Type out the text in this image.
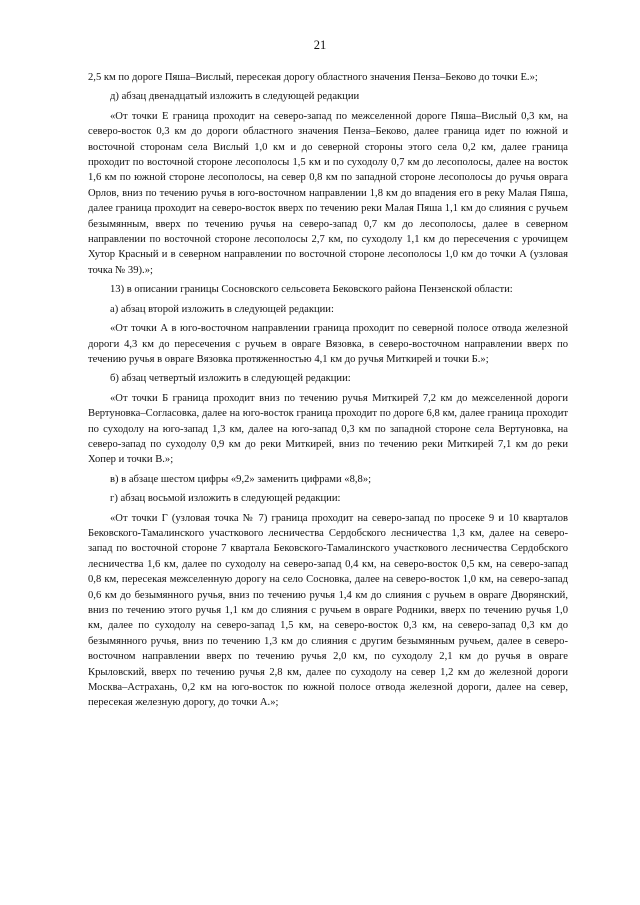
21

2,5 км по дороге Пяша–Вислый, пересекая дорогу областного значения Пенза–Беково до точки Е.»;

д) абзац двенадцатый изложить в следующей редакции

«От точки Е граница проходит на северо-запад по межселенной дороге Пяша–Вислый 0,3 км, на северо-восток 0,3 км до дороги областного значения Пенза–Беково, далее граница идет по южной и восточной сторонам села Вислый 1,0 км и до северной стороны этого села 0,2 км, далее граница проходит по восточной стороне лесополосы 1,5 км и по суходолу 0,7 км до лесополосы, далее на восток 1,6 км по южной стороне лесополосы, на север 0,8 км по западной стороне лесополосы до ручья оврага Орлов, вниз по течению ручья в юго-восточном направлении 1,8 км до впадения его в реку Малая Пяша, далее граница проходит на северо-восток вверх по течению реки Малая Пяша 1,1 км до слияния с ручьем безымянным, вверх по течению ручья на северо-запад 0,7 км до лесополосы, далее в северном направлении по восточной стороне лесополосы 2,7 км, по суходолу 1,1 км до пересечения с урочищем Хутор Красный и в северном направлении по восточной стороне лесополосы 1,0 км до точки А (узловая точка № 39).»;

13) в описании границы Сосновского сельсовета Бековского района Пензенской области:

а) абзац второй изложить в следующей редакции:

«От точки А в юго-восточном направлении граница проходит по северной полосе отвода железной дороги 4,3 км до пересечения с ручьем в овраге Вязовка, в северо-восточном направлении вверх по течению ручья в овраге Вязовка протяженностью 4,1 км до ручья Миткирей и точки Б.»;

б) абзац четвертый изложить в следующей редакции:

«От точки Б граница проходит вниз по течению ручья Миткирей 7,2 км до межселенной дороги Вертуновка–Согласовка, далее на юго-восток граница проходит по дороге 6,8 км, далее граница проходит по суходолу на юго-запад 1,3 км, далее на юго-запад 0,3 км по западной стороне села Вертуновка, на северо-запад по суходолу 0,9 км до реки Миткирей, вниз по течению реки Миткирей 7,1 км до реки Хопер и точки В.»;

в) в абзаце шестом цифры «9,2» заменить цифрами «8,8»;

г) абзац восьмой изложить в следующей редакции:

«От точки Г (узловая точка № 7) граница проходит на северо-запад по просеке 9 и 10 кварталов Бековского-Тамалинского участкового лесничества Сердобского лесничества 1,3 км, далее на северо-запад по восточной стороне 7 квартала Бековского-Тамалинского участкового лесничества Сердобского лесничества 1,6 км, далее по суходолу на северо-запад 0,4 км, на северо-восток 0,5 км, на северо-запад 0,8 км, пересекая межселенную дорогу на село Сосновка, далее на северо-восток 1,0 км, на северо-запад 0,6 км до безымянного ручья, вниз по течению ручья 1,4 км до слияния с ручьем в овраге Дворянский, вниз по течению этого ручья 1,1 км до слияния с ручьем в овраге Родники, вверх по течению ручья 1,0 км, далее по суходолу на северо-запад 1,5 км, на северо-восток 0,3 км, на северо-запад 0,3 км до безымянного ручья, вниз по течению 1,3 км до слияния с другим безымянным ручьем, далее в северо-восточном направлении вверх по течению ручья 2,0 км, по суходолу 2,1 км до ручья в овраге Крыловский, вверх по течению ручья 2,8 км, далее по суходолу на север 1,2 км до железной дороги Москва–Астрахань, 0,2 км на юго-восток по южной полосе отвода железной дороги, далее на север, пересекая железную дорогу, до точки А.»;
